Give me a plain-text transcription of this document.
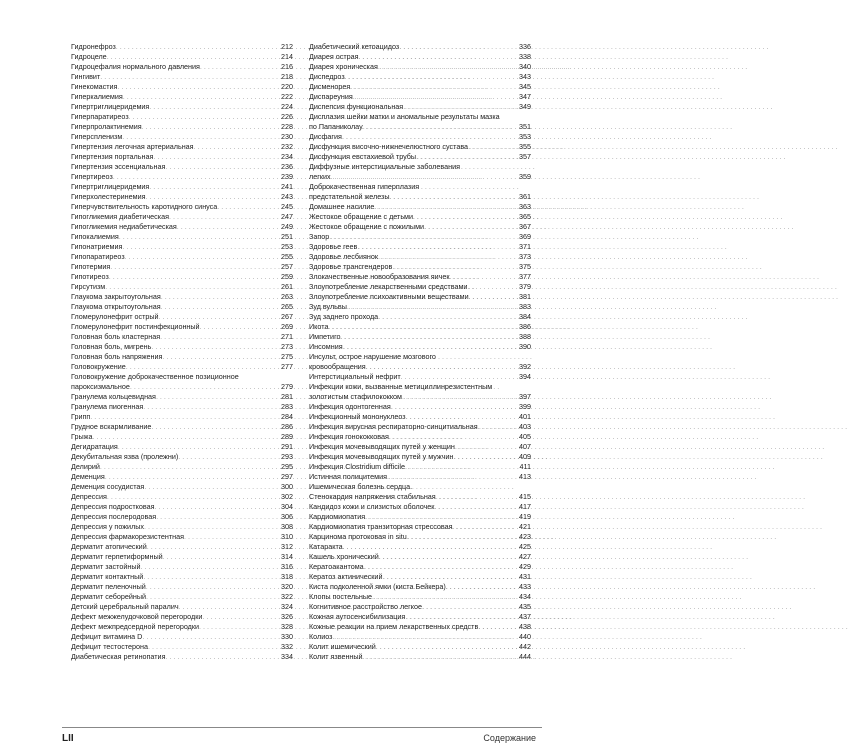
Гидронефроз . . .	212
Гидроцеле . . .	214
Гидроцефалия нормального давления . . .	216
Гингивит . . .	218
Гинекомастия . . .	220
Гиперкалиемия . . .	222
Гипертриглицеридемия . . .	224
Гиперпаратиреоз . . .	226
Гиперпролактинемия . . .	228
Гиперспленизм . . .	230
Гипертензия легочная артериальная . . .	232
Гипертензия портальная . . .	234
Гипертензия эссенциальная . . .	236
Гипертиреоз . . .	239
Гипертриглицеридемия . . .	241
Гиперхолестеринемия . . .	243
Гиперчувствительность каротидного синуса . . .	245
Гипогликемия диабетическая . . .	247
Гипогликемия недиабетическая . . .	249
Гипокалиемия . . .	251
Гипонатриемия . . .	253
Гипопаратиреоз . . .	255
Гипотермия . . .	257
Гипотиреоз . . .	259
Гирсутизм . . .	261
Глаукома закрытоугольная . . .	263
Глаукома открытоугольная . . .	265
Гломерулонефрит острый . . .	267
Гломерулонефрит постинфекционный . . .	269
Головная боль кластерная . . .	271
Головная боль, мигрень . . .	273
Головная боль напряжения . . .	275
Головокружение . . .	277
Головокружение доброкачественное позиционное
пароксизмальное . . .	279
Гранулема кольцевидная . . .	281
Гранулема пиогенная . . .	283
Грипп . . .	284
Грудное вскармливание . . .	286
Грыжа . . .	289
Дегидратация . . .	291
Декубитальная язва (пролежни) . . .	293
Делирий . . .	295
Деменция . . .	297
Деменция сосудистая . . .	300
Депрессия . . .	302
Депрессия подростковая . . .	304
Депрессия послеродовая . . .	306
Депрессия у пожилых . . .	308
Депрессия фармакорезистентная . . .	310
Дерматит атопический . . .	312
Дерматит герпетиформный . . .	314
Дерматит застойный . . .	316
Дерматит контактный . . .	318
Дерматит пеленочный . . .	320
Дерматит себорейный . . .	322
Детский церебральный паралич . . .	324
Дефект межжелудочковой перегородки . . .	326
Дефект межпредсердной перегородки . . .	328
Дефицит витамина D . . .	330
Дефицит тестостерона . . .	332
Диабетическая ретинопатия . . .	334
Диабетический кетоацидоз . . .	336
Диарея острая . . .	338
Диарея хроническая . . .	340
Диспедроз . . .	343
Дисменорея . . .	345
Диспареуния . . .	347
Диспепсия функциональная . . .	349
Дисплазия шейки матки и аномальные результаты мазка
по Папаниколау . . .	351
Дисфагия . . .	353
Дисфункция височно-нижнечелюстного сустава . . .	355
Дисфункция евстахиевой трубы . . .	357
Диффузные интерстициальные заболевания
легких . . .	359
Доброкачественная гиперплазия
предстательной железы . . .	361
Домашнее насилие . . .	363
Жестокое обращение с детьми . . .	365
Жестокое обращение с пожилыми . . .	367
Запор . . .	369
Здоровье геев . . .	371
Здоровье лесбиянок . . .	373
Здоровье трансгендеров . . .	375
Злокачественные новообразования яичек . . .	377
Злоупотребление лекарственными средствами . . .	379
Злоупотребление психоактивными веществами . . .	381
Зуд вульвы . . .	383
Зуд заднего прохода . . .	384
Икота . . .	386
Импетиго . . .	388
Инсомния . . .	390
Инсульт, острое нарушение мозгового
кровообращения . . .	392
Интерстициальный нефрит . . .	394
Инфекции кожи, вызванные метициллинрезистентным
золотистым стафилококком . . .	397
Инфекция одонтогенная . . .	399
Инфекционный мононуклеоз . . .	401
Инфекция вирусная респираторно-синцитиальная . . .	403
Инфекция гонококковая . . .	405
Инфекция мочевыводящих путей у женщин . . .	407
Инфекция мочевыводящих путей у мужчин . . .	409
Инфекция Clostridium difficile . . .	411
Истинная полицитемия . . .	413
Ишемическая болезнь сердца.
Стенокардия напряжения стабильная . . .	415
Кандидоз кожи и слизистых оболочек . . .	417
Кардиомиопатия . . .	419
Кардиомиопатия транзиторная стрессовая . . .	421
Карцинома протоковая in situ . . .	423
Катаракта . . .	425
Кашель хронический . . .	427
Кератоакантома . . .	429
Кератоз актинический . . .	431
Киста подколенной ямки (киста Бейкера) . . .	433
Клопы постельные . . .	434
Когнитивное расстройство легкое . . .	435
Кожная аутосенсибилизация . . .	437
Кожные реакции на прием лекарственных средств . . .	438
Колиоз . . .	440
Колит ишемический . . .	442
Колит язвенный . . .	444
LII	Содержание
